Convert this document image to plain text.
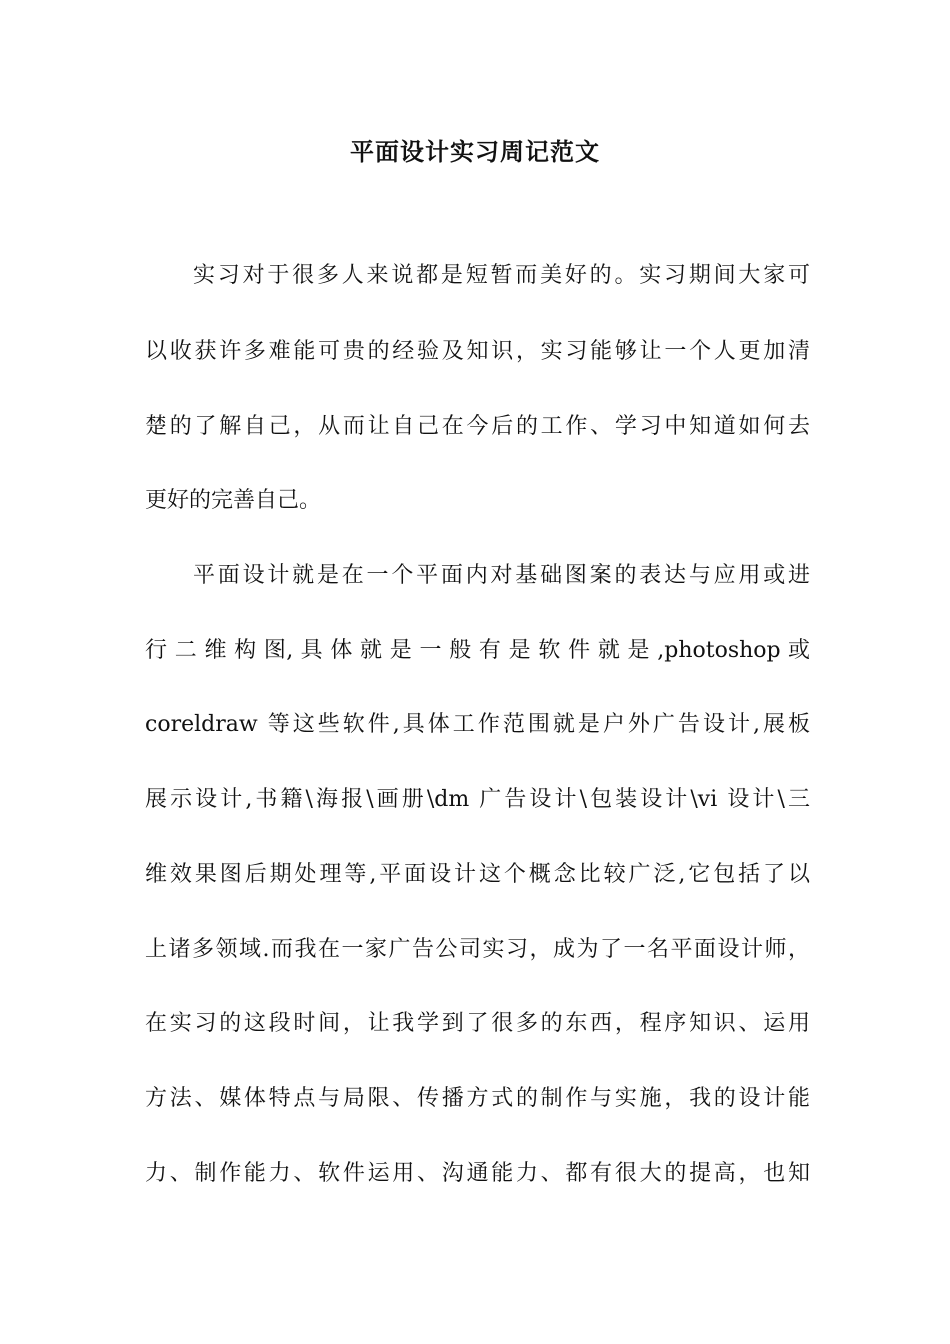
平面设计实习周记范文
实习对于很多人来说都是短暂而美好的。实习期间大家可
以收获许多难能可贵的经验及知识，实习能够让一个人更加清
楚的了解自己，从而让自己在今后的工作、学习中知道如何去
更好的完善自己。
平面设计就是在一个平面内对基础图案的表达与应用或进
行 二 维 构 图, 具 体 就 是 一 般 有 是 软 件 就 是 ,photoshop 或
coreldraw 等这些软件,具体工作范围就是户外广告设计,展板
展示设计,书籍\海报\画册\dm 广告设计\包装设计\vi 设计\三
维效果图后期处理等,平面设计这个概念比较广泛,它包括了以
上诸多领域.而我在一家广告公司实习，成为了一名平面设计师，
在实习的这段时间，让我学到了很多的东西，程序知识、运用
方法、媒体特点与局限、传播方式的制作与实施，我的设计能
力、制作能力、软件运用、沟通能力、都有很大的提高，也知
